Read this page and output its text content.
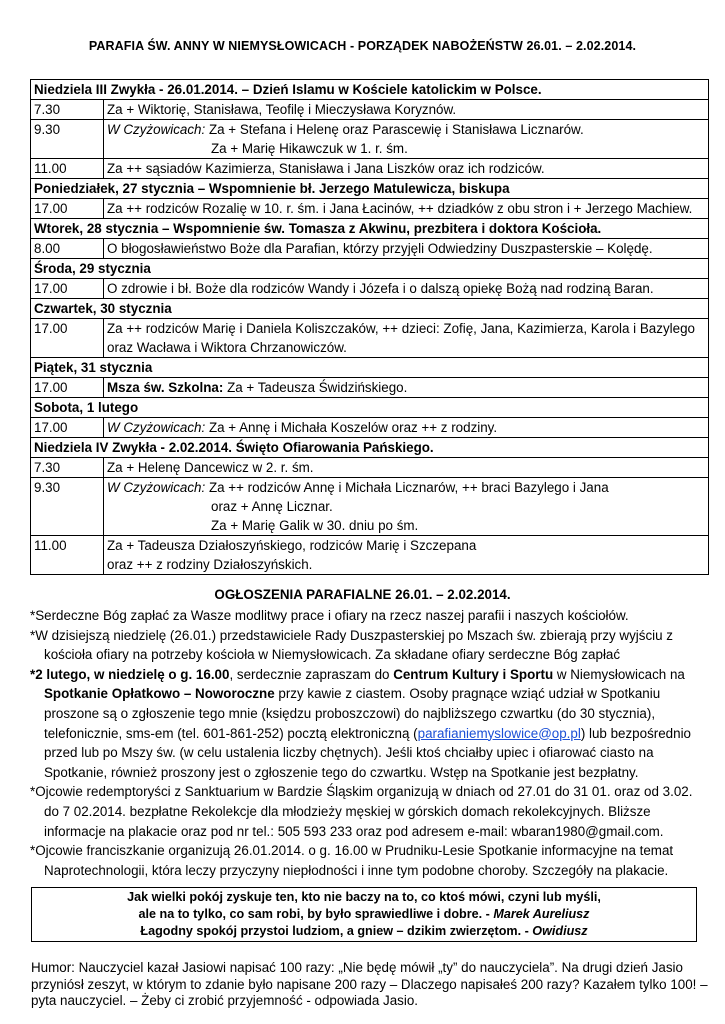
PARAFIA ŚW. ANNY W NIEMYSŁOWICACH - PORZĄDEK NABOŻEŃSTW 26.01. – 2.02.2014.
Niedziela III Zwykła - 26.01.2014. – Dzień Islamu w Kościele katolickim w Polsce.	
7.30	Za + Wiktorię, Stanisława, Teofilę i Mieczysława Koryznów.
9.30	W Czyżowicach: Za + Stefana i Helenę oraz Parascewię i Stanisława Licznarów.
Za + Marię Hikawczuk w 1. r. śm.

11.00	Za ++ sąsiadów Kazimierza, Stanisława i Jana Liszków oraz ich rodziców.
Poniedziałek, 27 stycznia – Wspomnienie bł. Jerzego Matulewicza, biskupa	
17.00	Za ++ rodziców Rozalię w 10. r. śm. i Jana Łacinów, ++ dziadków z obu stron i + Jerzego Machiew.
Wtorek, 28 stycznia – Wspomnienie św. Tomasza z Akwinu, prezbitera i doktora Kościoła.	
8.00	O błogosławieństwo Boże dla Parafian, którzy przyjęli Odwiedziny Duszpasterskie – Kolędę.
Środa, 29 stycznia	
17.00	O zdrowie i bł. Boże dla rodziców Wandy i Józefa i o dalszą opiekę Bożą nad rodziną Baran.
Czwartek, 30 stycznia	
17.00	Za ++ rodziców Marię i Daniela Koliszczaków, ++ dzieci: Zofię, Jana, Kazimierza, Karola i Bazylego oraz Wacława i Wiktora Chrzanowiczów.
Piątek, 31 stycznia	
17.00	Msza św. Szkolna: Za + Tadeusza Świdzińskiego.
Sobota, 1 lutego	
17.00	W Czyżowicach: Za + Annę i Michała Koszelów oraz ++ z rodziny.
Niedziela IV Zwykła - 2.02.2014. Święto Ofiarowania Pańskiego.	
7.30	Za + Helenę Dancewicz w 2. r. śm.
9.30	W Czyżowicach: Za ++ rodziców Annę i Michała Licznarów, ++ braci Bazylego i Jana
oraz + Annę Licznar.
Za + Marię Galik w 30. dniu po śm.

11.00	Za + Tadeusza Działoszyńskiego, rodziców Marię i Szczepana
oraz ++ z rodziny Działoszyńskich.
OGŁOSZENIA PARAFIALNE 26.01. – 2.02.2014.

*Serdeczne Bóg zapłać za Wasze modlitwy prace i ofiary na rzecz naszej parafii i naszych kościołów.

*W dzisiejszą niedzielę (26.01.) przedstawiciele Rady Duszpasterskiej po Mszach św. zbierają przy wyjściu z kościoła ofiary na potrzeby kościoła w Niemysłowicach. Za składane ofiary serdeczne Bóg zapłać

*2 lutego, w niedzielę o g. 16.00, serdecznie zapraszam do Centrum Kultury i Sportu w Niemysłowicach na Spotkanie Opłatkowo – Noworoczne przy kawie z ciastem. Osoby pragnące wziąć udział w Spotkaniu proszone są o zgłoszenie tego mnie (księdzu proboszczowi) do najbliższego czwartku (do 30 stycznia), telefonicznie, sms-em (tel. 601-861-252) pocztą elektroniczną (parafianiemyslowice@op.pl) lub bezpośrednio przed lub po Mszy św. (w celu ustalenia liczby chętnych). Jeśli ktoś chciałby upiec i ofiarować ciasto na Spotkanie, również proszony jest o zgłoszenie tego do czwartku. Wstęp na Spotkanie jest bezpłatny.

*Ojcowie redemptoryści z Sanktuarium w Bardzie Śląskim organizują w dniach od 27.01 do 31 01. oraz od 3.02. do 7 02.2014. bezpłatne Rekolekcje dla młodzieży męskiej w górskich domach rekolekcyjnych. Bliższe informacje na plakacie oraz pod nr tel.: 505 593 233 oraz pod adresem e-mail: wbaran1980@gmail.com.

*Ojcowie franciszkanie organizują 26.01.2014. o g. 16.00 w Prudniku-Lesie Spotkanie informacyjne na temat Naprotechnologii, która leczy przyczyny niepłodności i inne tym podobne choroby. Szczegóły na plakacie.

Jak wielki pokój zyskuje ten, kto nie baczy na to, co ktoś mówi, czyni lub myśli,
ale na to tylko, co sam robi, by było sprawiedliwe i dobre. - Marek Aureliusz
Łagodny spokój przystoi ludziom, a gniew – dzikim zwierzętom. - Owidiusz
Humor: Nauczyciel kazał Jasiowi napisać 100 razy: „Nie będę mówił „ty” do nauczyciela”. Na drugi dzień Jasio przyniósł zeszyt, w którym to zdanie było napisane 200 razy – Dlaczego napisałeś 200 razy? Kazałem tylko 100! – pyta nauczyciel. – Żeby ci zrobić przyjemność - odpowiada Jasio.
